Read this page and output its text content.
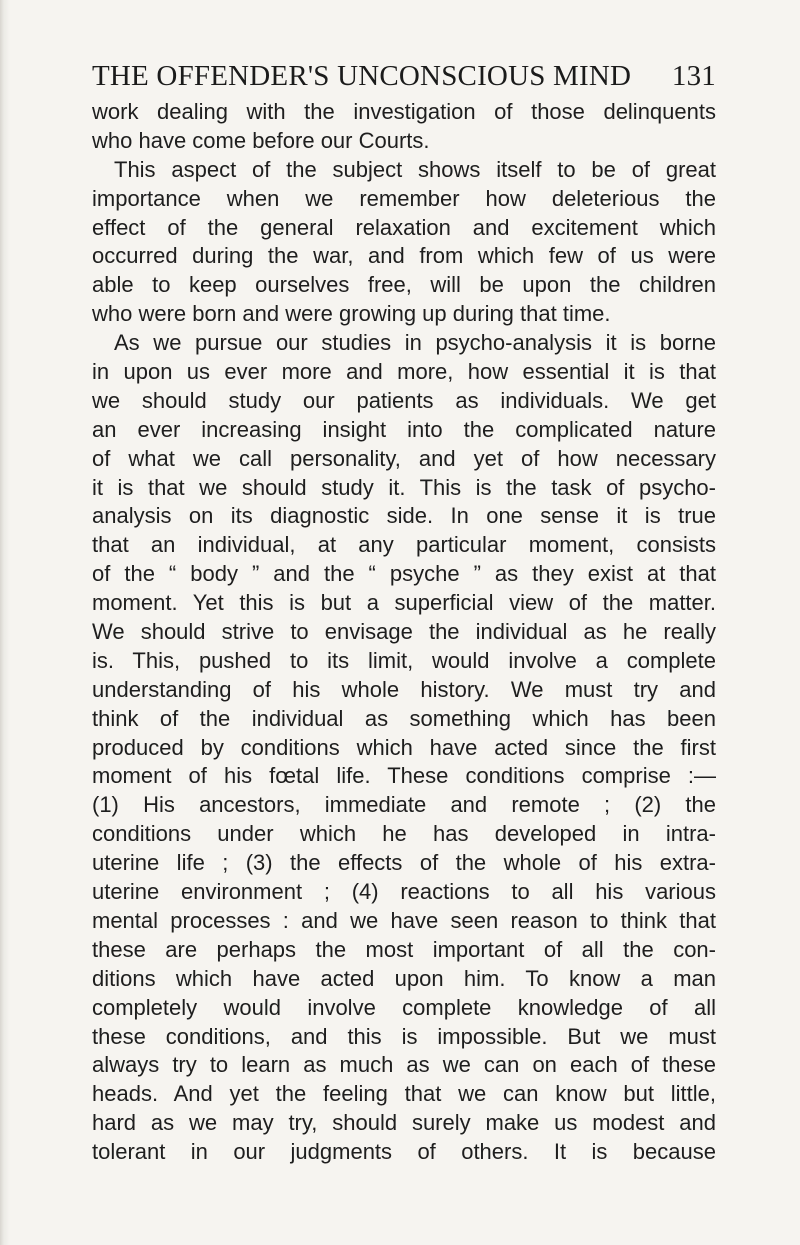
THE OFFENDER'S UNCONSCIOUS MIND 131
work dealing with the investigation of those delinquents
who have come before our Courts.
This aspect of the subject shows itself to be of great
importance when we remember how deleterious the
effect of the general relaxation and excitement which
occurred during the war, and from which few of us were
able to keep ourselves free, will be upon the children
who were born and were growing up during that time.
As we pursue our studies in psycho-analysis it is borne
in upon us ever more and more, how essential it is that
we should study our patients as individuals. We get
an ever increasing insight into the complicated nature
of what we call personality, and yet of how necessary
it is that we should study it. This is the task of psycho-
analysis on its diagnostic side. In one sense it is true
that an individual, at any particular moment, consists
of the “ body ” and the “ psyche ” as they exist at that
moment. Yet this is but a superficial view of the matter.
We should strive to envisage the individual as he really
is. This, pushed to its limit, would involve a complete
understanding of his whole history. We must try and
think of the individual as something which has been
produced by conditions which have acted since the first
moment of his fœtal life. These conditions comprise :—
(1) His ancestors, immediate and remote ; (2) the
conditions under which he has developed in intra-
uterine life ; (3) the effects of the whole of his extra-
uterine environment ; (4) reactions to all his various
mental processes : and we have seen reason to think that
these are perhaps the most important of all the con-
ditions which have acted upon him. To know a man
completely would involve complete knowledge of all
these conditions, and this is impossible. But we must
always try to learn as much as we can on each of these
heads. And yet the feeling that we can know but little,
hard as we may try, should surely make us modest and
tolerant in our judgments of others. It is because
